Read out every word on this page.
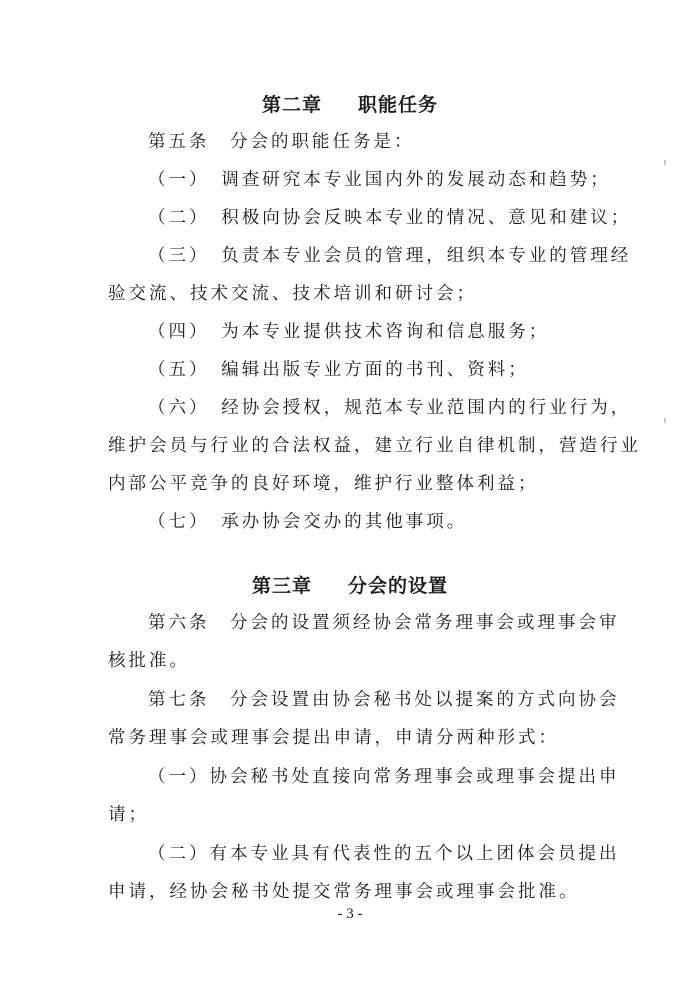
第二章 职能任务
第五条　分会的职能任务是：
（一）　调查研究本专业国内外的发展动态和趋势；
（二）　积极向协会反映本专业的情况、意见和建议；
（三）　负责本专业会员的管理，组织本专业的管理经
验交流、技术交流、技术培训和研讨会；
（四）　为本专业提供技术咨询和信息服务；
（五）　编辑出版专业方面的书刊、资料；
（六）　经协会授权，规范本专业范围内的行业行为，
维护会员与行业的合法权益，建立行业自律机制，营造行业
内部公平竞争的良好环境，维护行业整体利益；
（七）　承办协会交办的其他事项。
第三章 分会的设置
第六条　分会的设置须经协会常务理事会或理事会审
核批准。
第七条　分会设置由协会秘书处以提案的方式向协会
常务理事会或理事会提出申请，申请分两种形式：
（一）协会秘书处直接向常务理事会或理事会提出申
请；
（二）有本专业具有代表性的五个以上团体会员提出
申请，经协会秘书处提交常务理事会或理事会批准。
- 3 -
